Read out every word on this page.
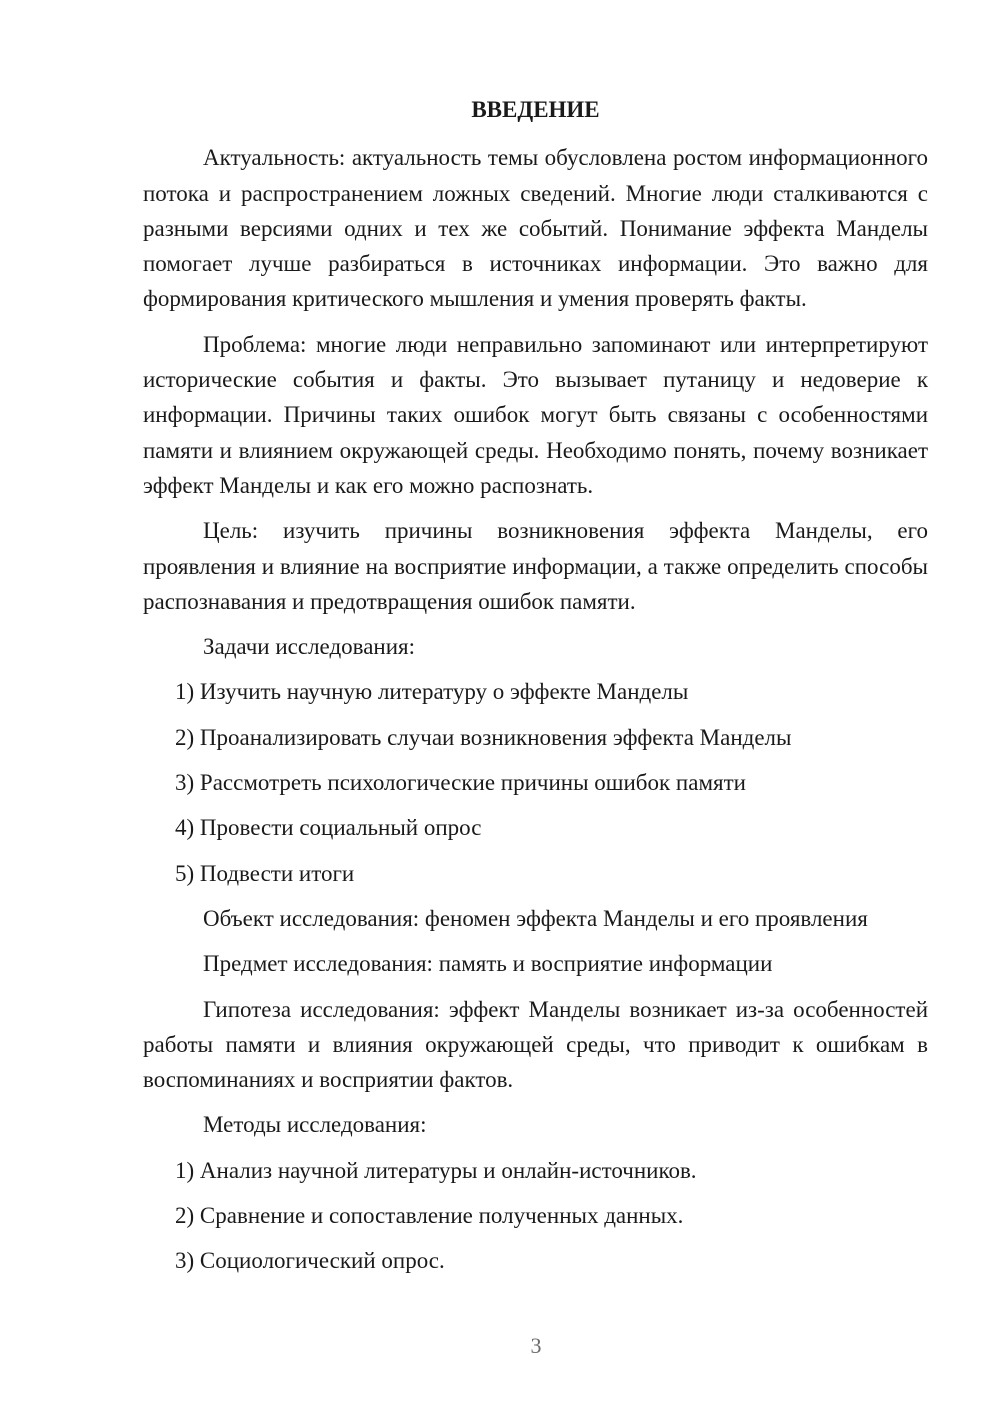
ВВЕДЕНИЕ
Актуальность: актуальность темы обусловлена ростом информационного потока и распространением ложных сведений. Многие люди сталкиваются с разными версиями одних и тех же событий. Понимание эффекта Манделы помогает лучше разбираться в источниках информации. Это важно для формирования критического мышления и умения проверять факты.
Проблема: многие люди неправильно запоминают или интерпретируют исторические события и факты. Это вызывает путаницу и недоверие к информации. Причины таких ошибок могут быть связаны с особенностями памяти и влиянием окружающей среды. Необходимо понять, почему возникает эффект Манделы и как его можно распознать.
Цель: изучить причины возникновения эффекта Манделы, его проявления и влияние на восприятие информации, а также определить способы распознавания и предотвращения ошибок памяти.
Задачи исследования:
1) Изучить научную литературу о эффекте Манделы
2) Проанализировать случаи возникновения эффекта Манделы
3) Рассмотреть психологические причины ошибок памяти
4) Провести социальный опрос
5) Подвести итоги
Объект исследования: феномен эффекта Манделы и его проявления
Предмет исследования: память и восприятие информации
Гипотеза исследования: эффект Манделы возникает из-за особенностей работы памяти и влияния окружающей среды, что приводит к ошибкам в воспоминаниях и восприятии фактов.
Методы исследования:
1) Анализ научной литературы и онлайн-источников.
2) Сравнение и сопоставление полученных данных.
3) Социологический опрос.
3
